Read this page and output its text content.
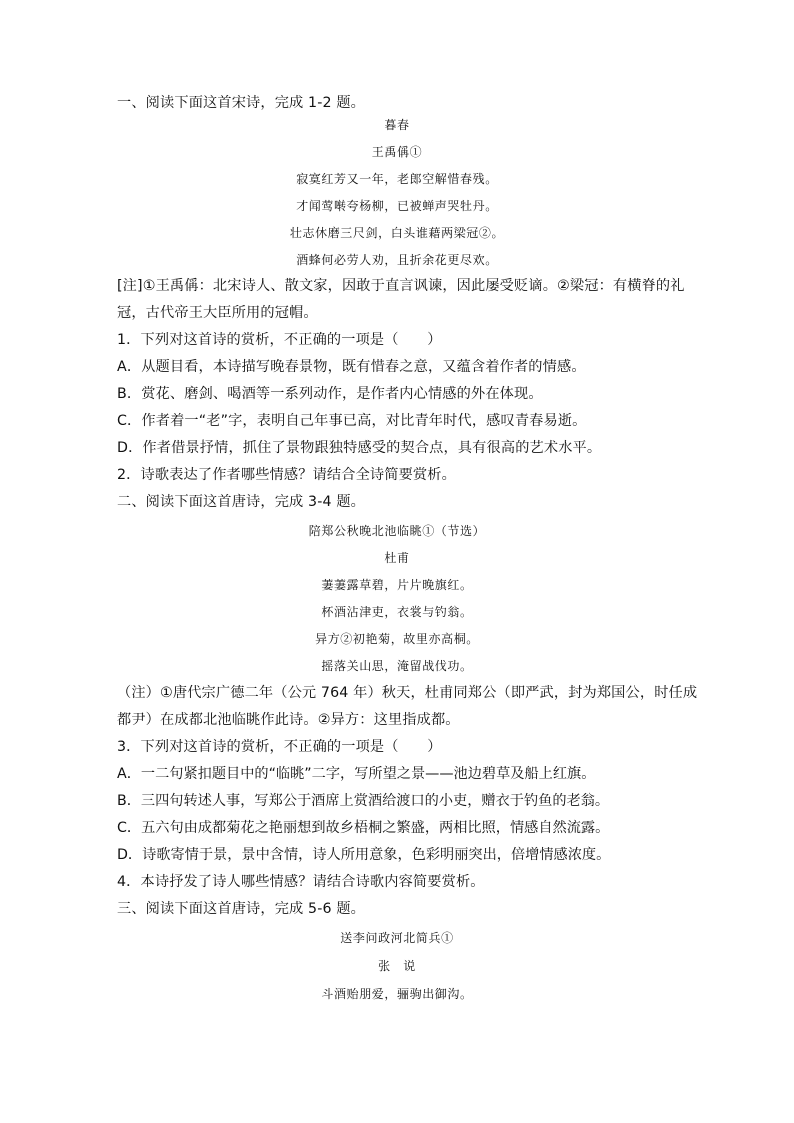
一、阅读下面这首宋诗，完成 1-2 题。
暮春
王禹偁①
寂寞红芳又一年，老郎空解惜春残。
才闻莺啭夸杨柳，已被蝉声哭牡丹。
壮志休磨三尺剑，白头谁藉两梁冠②。
酒蜂何必劳人劝，且折余花更尽欢。
[注]①王禹偁：北宋诗人、散文家，因敢于直言讽谏，因此屡受贬谪。②梁冠：有横脊的礼
冠，古代帝王大臣所用的冠帽。
1．下列对这首诗的赏析，不正确的一项是（　　）
A．从题目看，本诗描写晚春景物，既有惜春之意，又蕴含着作者的情感。
B．赏花、磨剑、喝酒等一系列动作，是作者内心情感的外在体现。
C．作者着一“老”字，表明自己年事已高，对比青年时代，感叹青春易逝。
D．作者借景抒情，抓住了景物跟独特感受的契合点，具有很高的艺术水平。
2．诗歌表达了作者哪些情感？请结合全诗简要赏析。
二、阅读下面这首唐诗，完成 3-4 题。
陪郑公秋晚北池临眺①（节选）
杜甫
萋萋露草碧，片片晚旗红。
杯酒沾津吏，衣裳与钓翁。
异方②初艳菊，故里亦高桐。
摇落关山思，淹留战伐功。
（注）①唐代宗广德二年（公元 764 年）秋天，杜甫同郑公（即严武，封为郑国公，时任成
都尹）在成都北池临眺作此诗。②异方：这里指成都。
3．下列对这首诗的赏析，不正确的一项是（　　）
A．一二句紧扣题目中的“临眺”二字，写所望之景——池边碧草及船上红旗。
B．三四句转述人事，写郑公于酒席上赏酒给渡口的小吏，赠衣于钓鱼的老翁。
C．五六句由成都菊花之艳丽想到故乡梧桐之繁盛，两相比照，情感自然流露。
D．诗歌寄情于景，景中含情，诗人所用意象，色彩明丽突出，倍增情感浓度。
4．本诗抒发了诗人哪些情感？请结合诗歌内容简要赏析。
三、阅读下面这首唐诗，完成 5-6 题。
送李问政河北简兵①
张　说
斗酒贻朋爱，骊驹出御沟。
